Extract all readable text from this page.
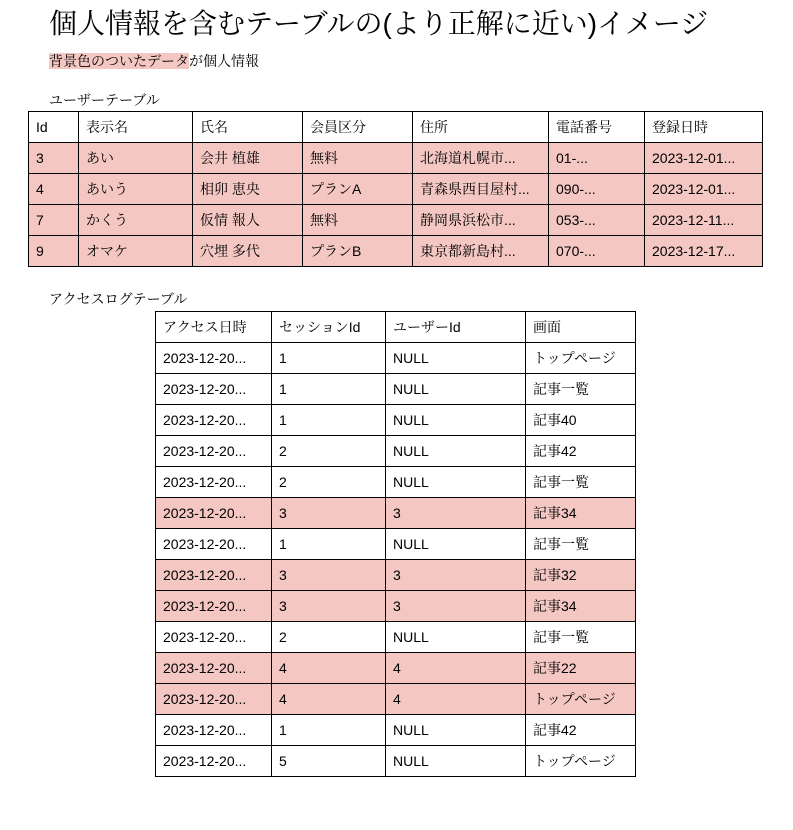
個人情報を含むテーブルの(より正解に近い)イメージ
背景色のついたデータが個人情報
ユーザーテーブル
Id	表示名	氏名	会員区分	住所	電話番号	登録日時
3	あい	会井 植雄	無料	北海道札幌市...	01-...	2023-12-01...
4	あいう	相卯 恵央	プランA	青森県西目屋村...	090-...	2023-12-01...
7	かくう	仮情 報人	無料	静岡県浜松市...	053-...	2023-12-11...
9	オマケ	穴埋 多代	プランB	東京都新島村...	070-...	2023-12-17...
アクセスログテーブル
アクセス日時	セッションId	ユーザーId	画面
2023-12-20...	1	NULL	トップページ
2023-12-20...	1	NULL	記事一覧
2023-12-20...	1	NULL	記事40
2023-12-20...	2	NULL	記事42
2023-12-20...	2	NULL	記事一覧
2023-12-20...	3	3	記事34
2023-12-20...	1	NULL	記事一覧
2023-12-20...	3	3	記事32
2023-12-20...	3	3	記事34
2023-12-20...	2	NULL	記事一覧
2023-12-20...	4	4	記事22
2023-12-20...	4	4	トップページ
2023-12-20...	1	NULL	記事42
2023-12-20...	5	NULL	トップページ
